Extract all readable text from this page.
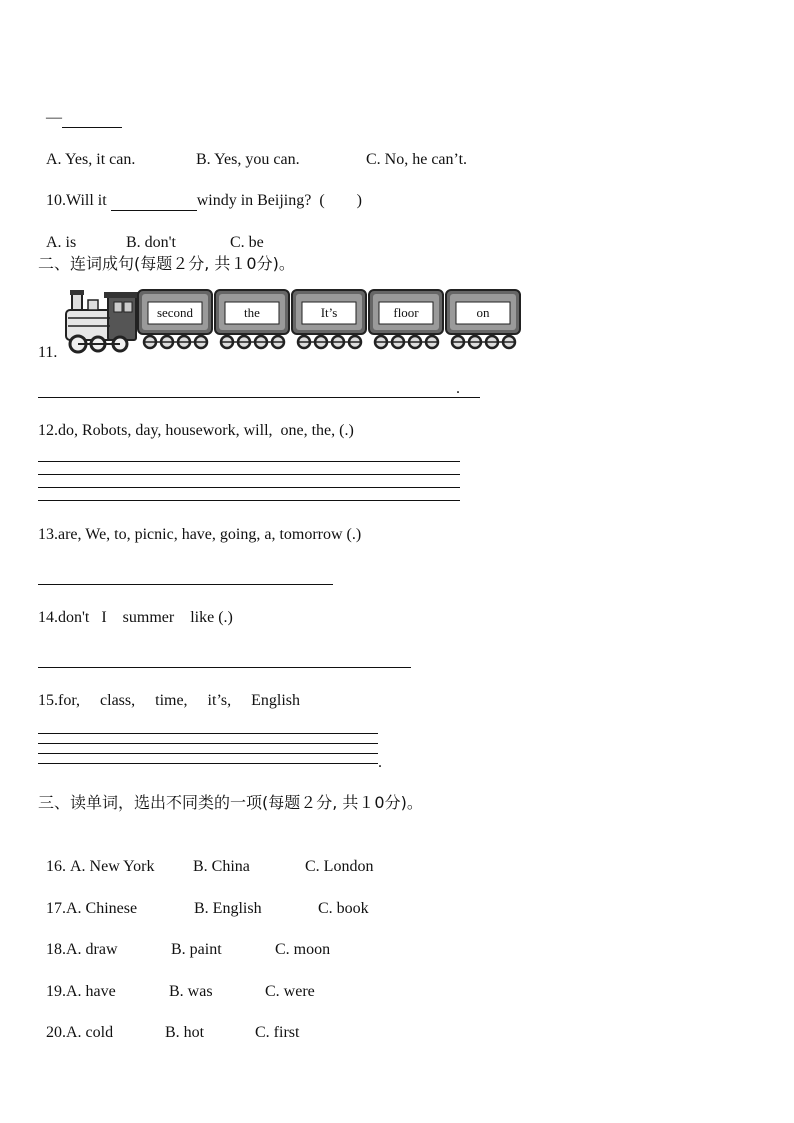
—

A. Yes, it can.	B. Yes, you can.	C. No, he can’t.

10.Will it	windy in Beijing? (        )

A. is	B. don't	C. be

二、连词成句(每题２分, 共１0分)。
11.
second	the	It’s	floor	on
.
12.do, Robots, day, housework, will,  one, the, (.)
13.are, We, to, picnic, have, going, a, tomorrow (.)
14.don't   I    summer    like (.)
15.for,     class,     time,     it’s,     English
.
三、读单词，选出不同类的一项(每题２分, 共１0分)。

16. A. New York B. China	C. London

17.A. Chinese	B. English	C. book

18.A. draw	B. paint	C. moon

19.A. have	B. was	C. were

20.A. cold	B. hot	C. first
